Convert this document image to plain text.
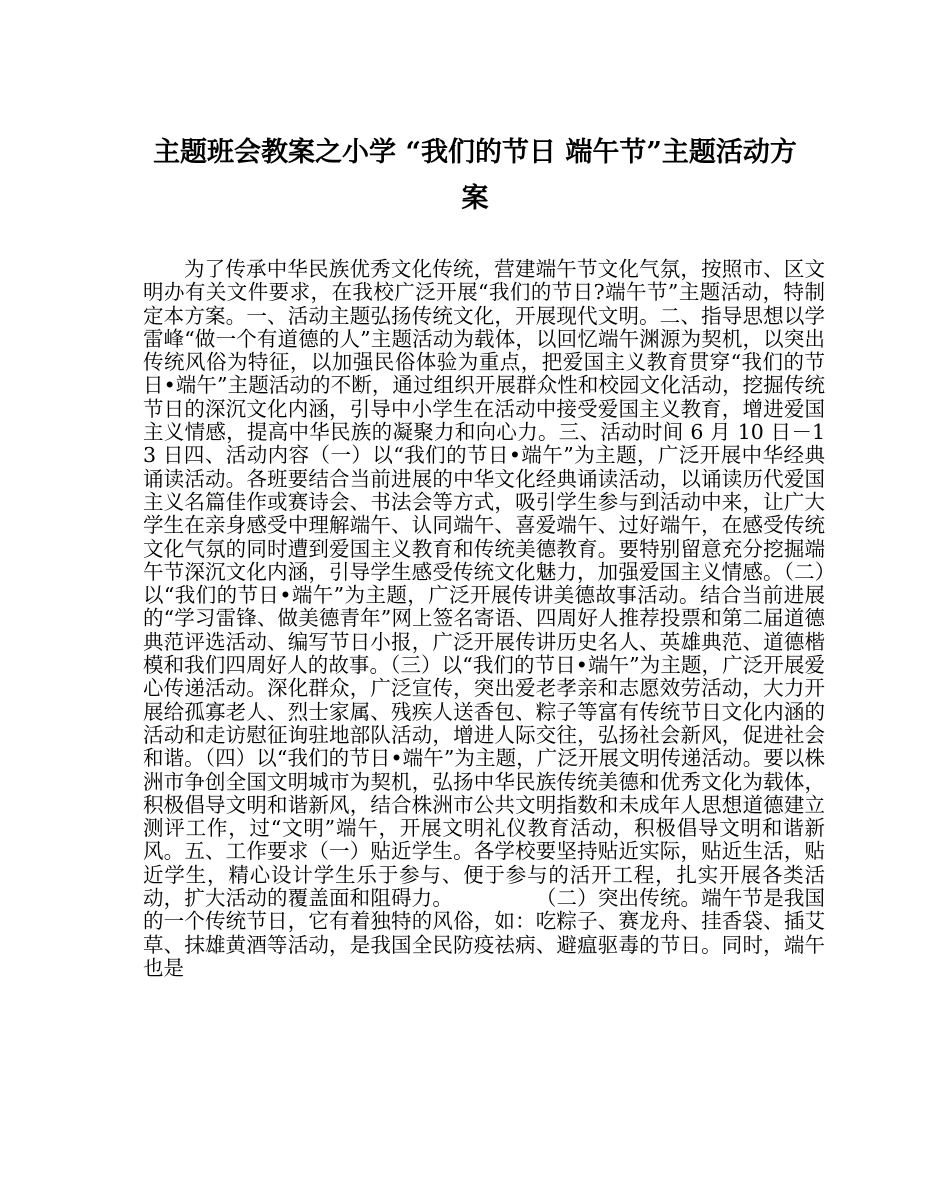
主题班会教案之小学 “我们的节日 端午节”主题活动方案

为了传承中华民族优秀文化传统，营建端午节文化气氛，按照市、区文明办有关文件要求，在我校广泛开展“我们的节日?端午节”主题活动，特制定本方案。一、活动主题弘扬传统文化，开展现代文明。二、指导思想以学雷峰“做一个有道德的人”主题活动为载体，以回忆端午渊源为契机，以突出传统风俗为特征，以加强民俗体验为重点，把爱国主义教育贯穿“我们的节日•端午”主题活动的不断，通过组织开展群众性和校园文化活动，挖掘传统节日的深沉文化内涵，引导中小学生在活动中接受爱国主义教育，增进爱国主义情感，提高中华民族的凝聚力和向心力。三、活动时间 6 月 10 日－13 日四、活动内容（一）以“我们的节日•端午”为主题，广泛开展中华经典诵读活动。各班要结合当前进展的中华文化经典诵读活动，以诵读历代爱国主义名篇佳作或赛诗会、书法会等方式，吸引学生参与到活动中来，让广大学生在亲身感受中理解端午、认同端午、喜爱端午、过好端午，在感受传统文化气氛的同时遭到爱国主义教育和传统美德教育。要特别留意充分挖掘端午节深沉文化内涵，引导学生感受传统文化魅力，加强爱国主义情感。（二）以“我们的节日•端午”为主题，广泛开展传讲美德故事活动。结合当前进展的“学习雷锋、做美德青年”网上签名寄语、四周好人推荐投票和第二届道德典范评选活动、编写节日小报，广泛开展传讲历史名人、英雄典范、道德楷模和我们四周好人的故事。（三）以“我们的节日•端午”为主题，广泛开展爱心传递活动。深化群众，广泛宣传，突出爱老孝亲和志愿效劳活动，大力开展给孤寡老人、烈士家属、残疾人送香包、粽子等富有传统节日文化内涵的活动和走访慰征询驻地部队活动，增进人际交往，弘扬社会新风，促进社会和谐。（四）以“我们的节日•端午”为主题，广泛开展文明传递活动。要以株洲市争创全国文明城市为契机，弘扬中华民族传统美德和优秀文化为载体，积极倡导文明和谐新风，结合株洲市公共文明指数和未成年人思想道德建立测评工作，过“文明”端午，开展文明礼仪教育活动，积极倡导文明和谐新风。五、工作要求（一）贴近学生。各学校要坚持贴近实际，贴近生活，贴近学生，精心设计学生乐于参与、便于参与的活开工程，扎实开展各类活动，扩大活动的覆盖面和阻碍力。　　　　　（二）突出传统。端午节是我国的一个传统节日，它有着独特的风俗，如：吃粽子、赛龙舟、挂香袋、插艾草、抹雄黄酒等活动，是我国全民防疫祛病、避瘟驱毒的节日。同时，端午也是
